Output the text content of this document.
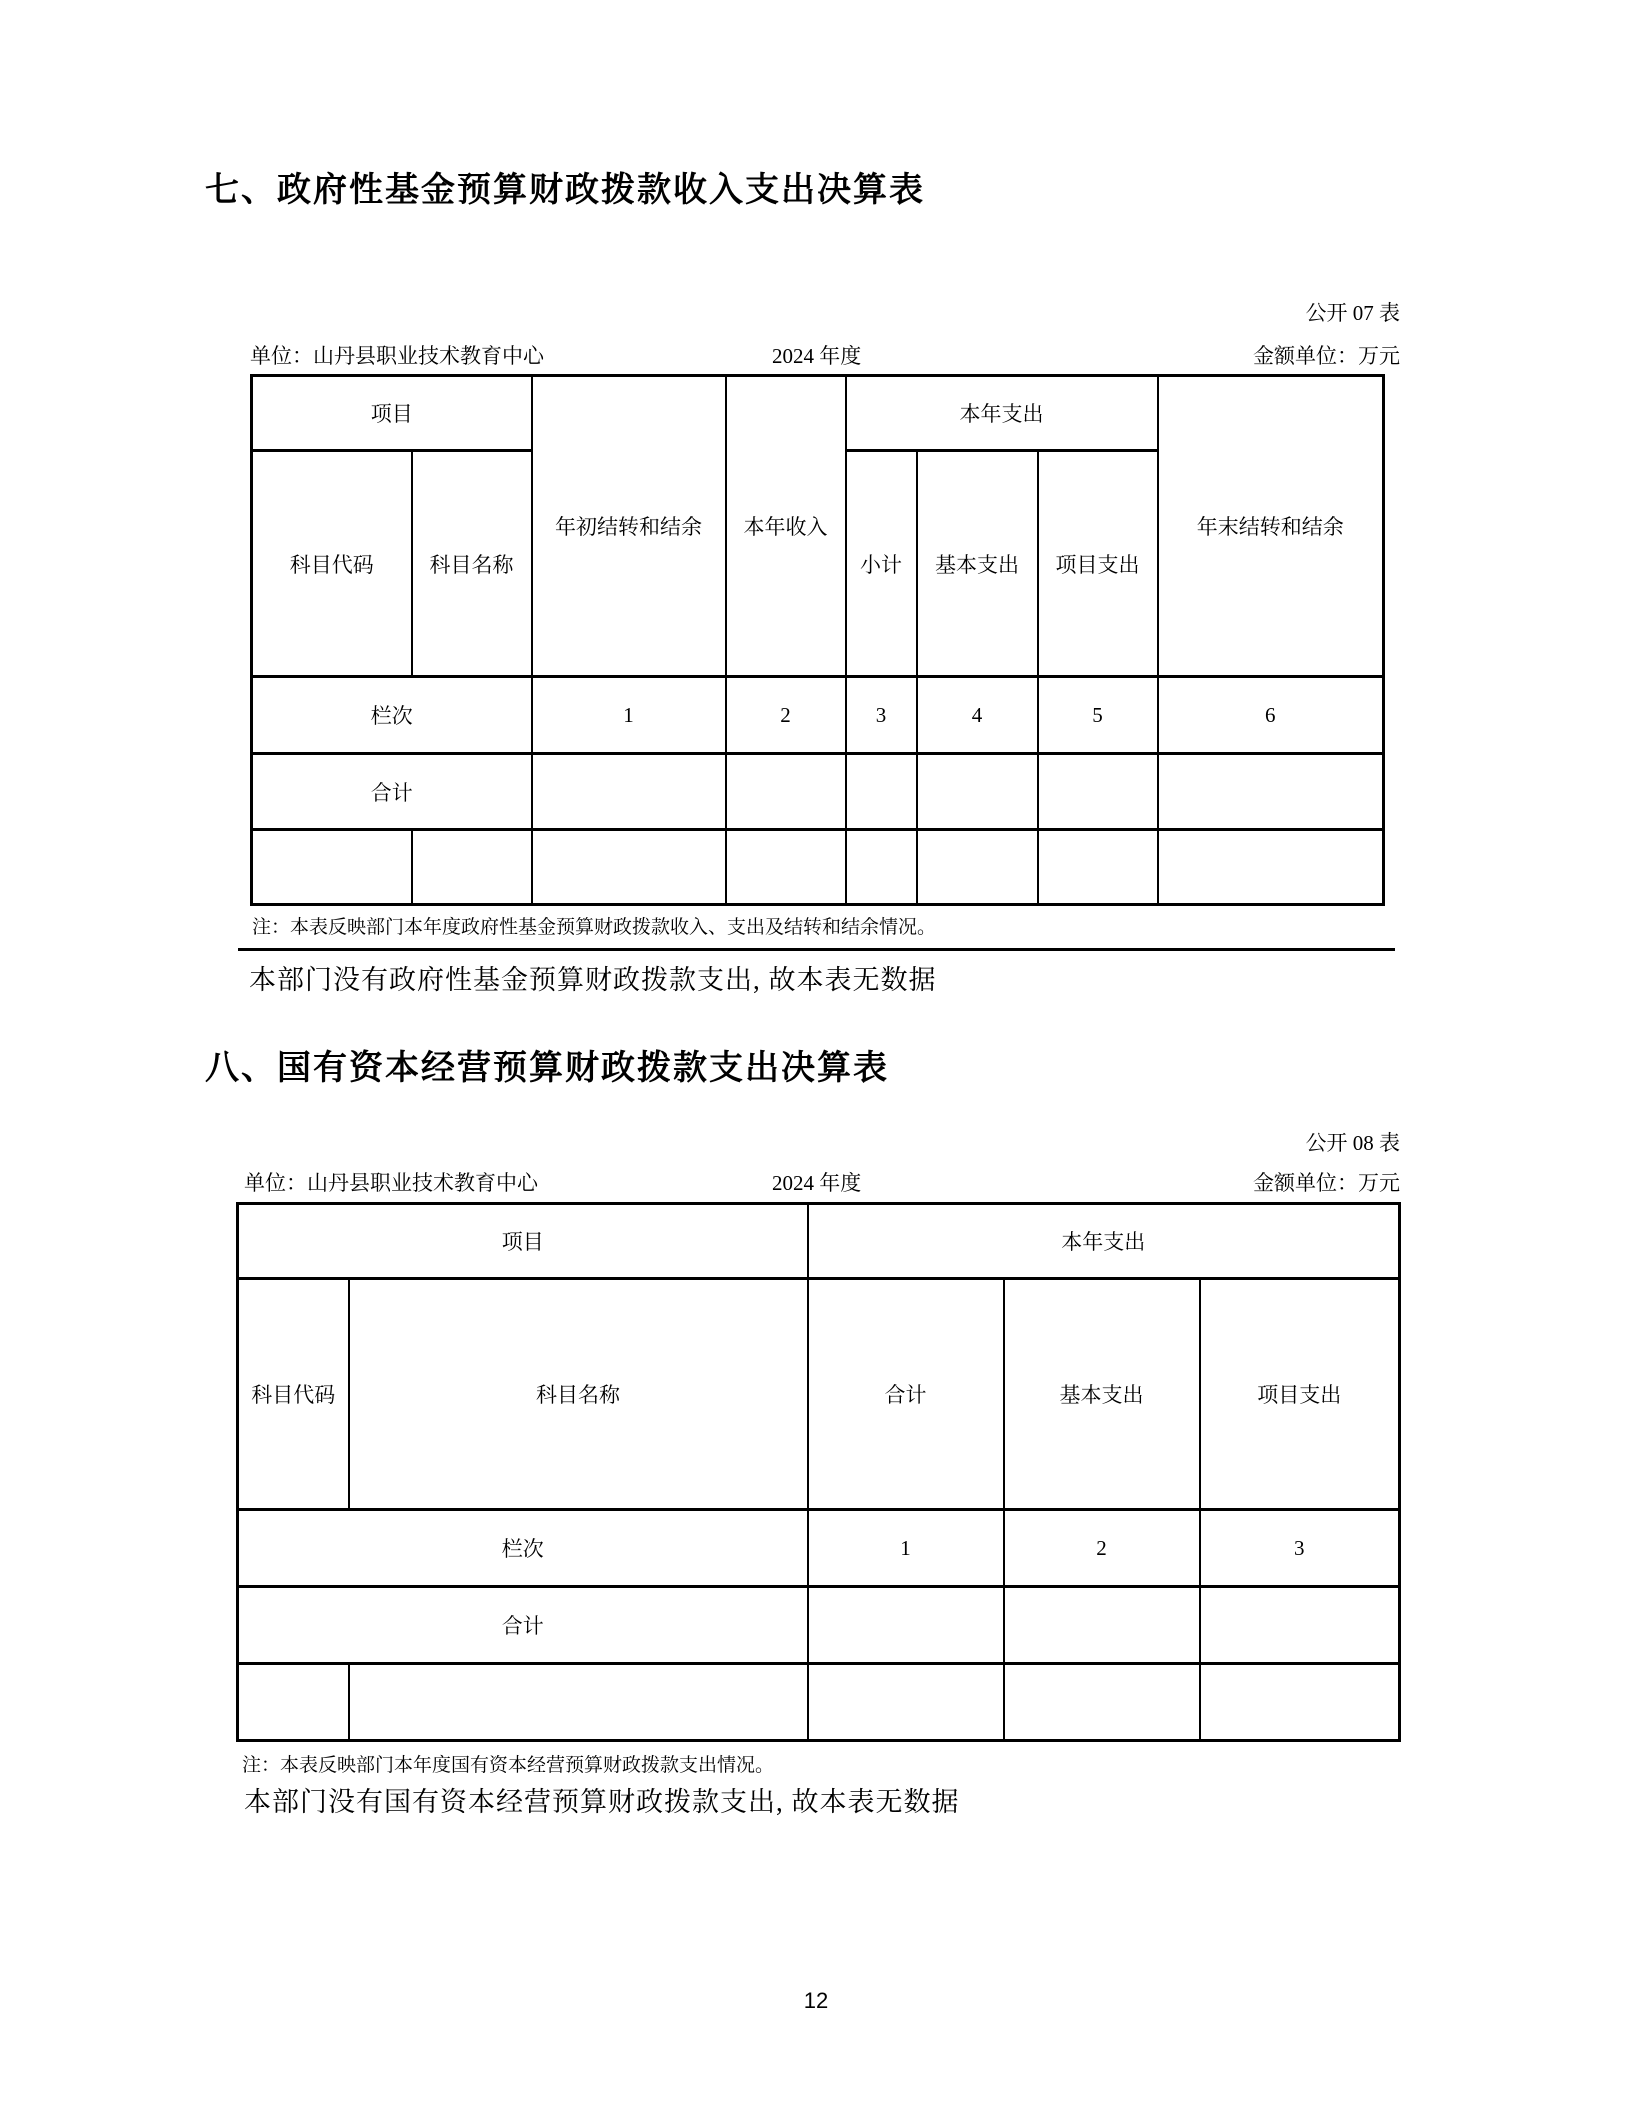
七、政府性基金预算财政拨款收入支出决算表
公开 07 表
单位：山丹县职业技术教育中心	2024 年度	金额单位：万元
项目		年初结转和结余	本年收入	本年支出			年末结转和结余
科目代码	科目名称			小计	基本支出	项目支出	
栏次		1	2	3	4	5	6
合计							

注：本表反映部门本年度政府性基金预算财政拨款收入、支出及结转和结余情况。
本部门没有政府性基金预算财政拨款支出, 故本表无数据
八、国有资本经营预算财政拨款支出决算表
公开 08 表
单位：山丹县职业技术教育中心	2024 年度	金额单位：万元
项目		本年支出		
科目代码	科目名称	合计	基本支出	项目支出
栏次		1	2	3
合计				

注：本表反映部门本年度国有资本经营预算财政拨款支出情况。
本部门没有国有资本经营预算财政拨款支出, 故本表无数据
12
